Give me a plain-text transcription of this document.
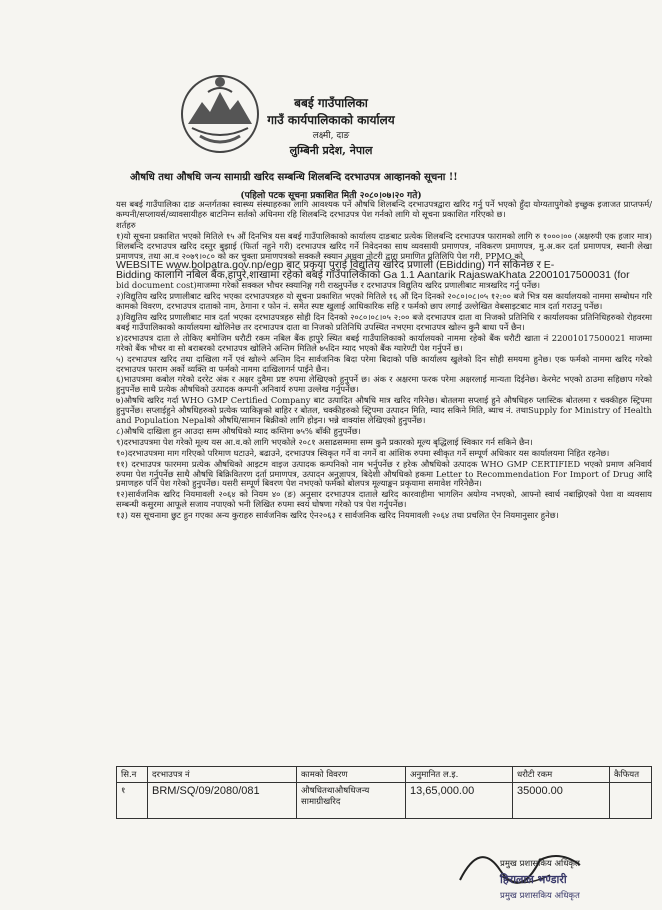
बबई गाउँपालिका
गाउँ कार्यपालिकाको कार्यालय
लक्ष्मी, दाङ
लुम्बिनी प्रदेश, नेपाल
औषधि तथा औषधि जन्य सामाग्री खरिद सम्बन्धि शिलबन्दि दरभाउपत्र आव्हानको सूचना !!
(पहिलो पटक सूचना प्रकाशित मिती २०८०।०७।२० गते)

यस बबई गाउँपालिका दाङ अन्तर्गतका स्वास्थ्य संस्थाहरुका लागि आवश्यक पर्ने औषधि शिलबन्दि दरभाउपत्रद्वारा खरिद गर्नु पर्ने भएको हुँदा योग्यतापुगेको इच्छुक इजाजत प्राप्तफर्म/कम्पनी/सप्लायर्स/व्यावसायीहरु बाटनिम्न सर्तको अधिनमा रहि शिलबन्दि दरभाउपत्र पेश गर्नको लागि यो सूचना प्रकाशित गरिएको छ।

शर्तहरु

१)यो सूचना प्रकाशित भएको मितिले १५ औं दिनभित्र यस बबई गाउँपालिकाको कार्यालय दाङबाट प्रत्येक शिलबन्दि दरभाउपत्र फारामको लागि रु १०००।०० (अक्षरुपी एक हजार मात्र) शिलबन्दि दरभाउपत्र खरिद दस्तुर बुझाई (फिर्ता नहुने गरी) दरभाउपत्र खरिद गर्ने निवेदनका साथ व्यवसायी प्रमाणपत्र, नविकरण प्रमाणपत्र, मु.अ.कर दर्ता प्रमाणपत्र, स्थानी लेखा प्रमाणपत्र, तथा आ.व २०७९।०८० को कर चुक्ता प्रमाणपत्रको सक्कलै स्क्यान अथवा नोटरी द्वारा प्रमाणित प्रतिलिपि पेश गरी, PPMO को

WEBSITE www.bolpatra.gov.np/egp बाट प्रकृया पुराई विद्युतिय खरिद प्रणाली (EBidding) गर्न सकिनेछ र E-

Bidding कालागि नबिल बैंक,हापुरे,शाखामा रहेको बबई गाउँपालिकाको Ga 1.1 Aantarik RajaswaKhata 22001017500031 (for

bid document cost)माजम्मा गरेको सक्कल भौचर स्क्यानिङ्ग गरी राख्नुपर्नेछ र दरभाउपत्र विद्युतिय खरिद प्रणालीबाट मात्रखरिद गर्नु पर्नेछ।

२)विद्युतिय खरिद प्रणालीबाट खरिद भएका दरभाउपत्रहरु यो सूचना प्रकाशित भएको मितिले १६ औं दिन दिनको २०८०।०८।०५ १२:०० बजे भित्र यस कार्यालयको नाममा सम्बोधन गरि कामको विवरण, दरभाउपत्र दाताको नाम, ठेगाना र फोन नं. समेत स्पष्ट खुलाई आधिकारिक सहि र फर्मको छाप लगाई उल्लेखित वेबसाइटबाट मात्र दर्ता गराउनु पर्नेछ।

३)विद्युतिय खरिद प्रणालीबाट मात्र दर्ता भएका दरभाउपत्रहरु सोही दिन दिनको २०८०।०८।०५ २:०० बजे दरभाउपत्र दाता वा निजको प्रतिनिधि र कार्यालयका प्रतिनिधिहरुको रोहवरमा बबई गाउँपालिकाको कार्यालयमा खोलिनेछ तर दरभाउपत्र दाता वा निजको प्रतिनिधि उपस्थित नभएमा दरभाउपत्र खोल्न कुनै बाधा पर्ने छैन।

४)दरभाउपत्र दाता ले तोकिए बमोजिम धरौटी रकम नबिल बैंक हापुरे स्थित बबई गाउँपालिकाको कार्यालयको नाममा रहेको बैंक धरौटी खाता नं 22001017500021 माजम्मा गरेको बैंक भौचर वा सो बराबरको दरभाउपत्र खोलिने अन्तिम मितिले ७५दिन म्याद भएको बैंक ग्यारेण्टी पेश गर्नुपर्ने छ।

५) दरभाउपत्र खरिद तथा दाखिला गर्ने एवं खोल्ने अन्तिम दिन सार्वजनिक बिदा परेमा बिदाको पछि कार्यालय खुलेको दिन सोही समयमा हुनेछ। एक फर्मको नाममा खरिद गरेको दरभाउपत्र फाराम अर्को व्यक्ति वा फर्मको नाममा दाखिलागर्न पाईने छैन।

६)भाउपत्रमा कबोल गरेको दररेट अंक र अक्षर दुवैमा प्रष्ट रुपमा लेखिएको हुनुपर्ने छ। अंक र अक्षरमा फरक परेमा अक्षरलाई मान्यता दिईनेछ। केरमेट भएको ठाउमा सहिछाप गरेको हुनुपर्नेछ साथै प्रत्येक औषधिको उत्पादक कम्पनी अनिवार्य रुपमा उल्लेख गर्नुपर्नेछ।

७)औषधि खरिद गर्दा WHO GMP Certified Company बाट उत्पादित औषधि मात्र खरिद गरिनेछ। बोतलमा सप्लाई हुने औषधिहरु प्लास्टिक बोतलमा र चक्कीहरु स्ट्रिपमा हुनुपर्नेछ। सप्लाईहुने औषधिहरुको प्रत्येक प्याकिङ्गको बाहिर र बोतल, चक्कीहरुको स्ट्रिपमा उत्पादन मिति, म्याद सकिने मिति, ब्याच नं. तथाSupply for Ministry of Health and Population Nepalको औषधि/सामान बिक्रीको लागि होइन। भन्ने वाक्यांस लेखिएको हुनुपर्नेछ।

८)औषधि दाखिला हुन आउदा सम्म औषधिको म्याद कम्तिमा ७५% बाँकी हुनुपर्नेछ।

९)दरभाउपत्रमा पेश गरेको मूल्य यस आ.व.को लागि भएकोले २०८१ असाढसम्ममा सम्म कुनै प्रकारको मूल्य बृद्धिलाई स्विकार गर्न सकिने छैन।

१०)दरभाउपत्रमा माग गरिएको परिमाण घटाउने, बढाउने, दरभाउपत्र स्विकृत गर्ने वा नगर्ने वा आंशिक रुपमा स्वीकृत गर्ने सम्पूर्ण अधिकार यस कार्यालयमा निहित रहनेछ।

११) दरभाउपत्र फारममा प्रत्येक औषधिको आइटम वाइज उत्पादक कम्पनिको नाम भर्नुपर्नेछ र हरेक औषधिको उत्पादक WHO GMP CERTIFIED भएको प्रमाण अनिवार्य रुपमा पेश गर्नुपर्नेछ साथै औषधि बिक्रिवितरण दर्ता प्रमाणपत्र, उत्पादन अनुज्ञापत्र, बिदेशी औषधिको हकमा Letter to Recommendation For Import of Drug आदि प्रमाणहरु पनि पेश गरेको हुनुपर्नेछ। यसरी सम्पूर्ण बिवरण पेश नभएको फर्मको बोलपत्र मूल्याङ्कन प्रकृयामा समावेश गरिनेछैन।

१२)सार्वजनिक खरिद नियमावली २०६४ को नियम ४० (ङ) अनुसार दरभाउपत्र दाताले खरिद कारवाहीमा भागलिन अयोग्य नभएको, आफ्नो स्वार्थ नबाझिएको पेशा वा व्यवसाय सम्बन्धी कसुरमा आफूले सजाय नपाएको भनी लिखित रुपमा स्वयं घोषणा गरेको पत्र पेश गर्नुपर्नेछ।

१३) यस सूचनामा छुट हुन गएका अन्य कुराहरु सार्वजनिक खरिद ऐन२०६३ र सार्वजनिक खरिद नियमावली २०६४ तथा प्रचलित ऐन नियमानुसार हुनेछ।

सि.न	दरभाउपत्र नं	कामको विवरण	अनुमानित ल.इ.	धरौटी रकम	कैफियत
१	BRM/SQ/09/2080/081	औषधितथाऔषधिजन्य सामाग्रीखरिद	13,65,000.00	35000.00	
प्रमुख प्रशासकिय अधिकृत
हिरालाल भण्डारी
प्रमुख प्रशासकिय अधिकृत
